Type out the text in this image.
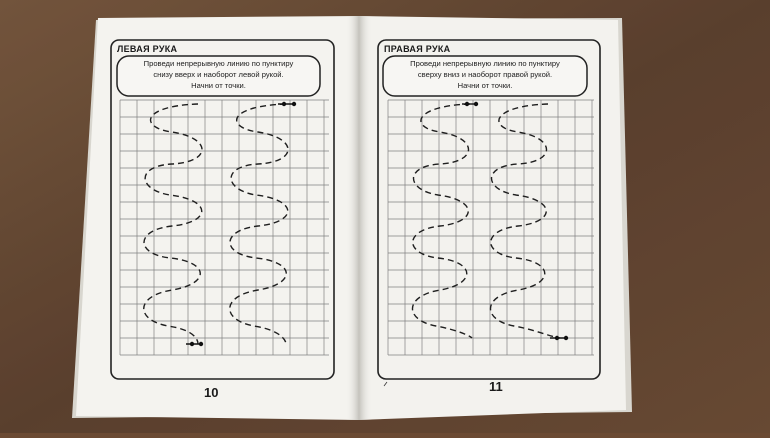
ЛЕВАЯ РУКА
Проведи непрерывную линию по пунктиру
снизу вверх и наоборот левой рукой.
Начни от точки.
10
ПРАВАЯ РУКА
Проведи непрерывную линию по пунктиру
сверху вниз и наоборот правой рукой.
Начни от точки.
11
